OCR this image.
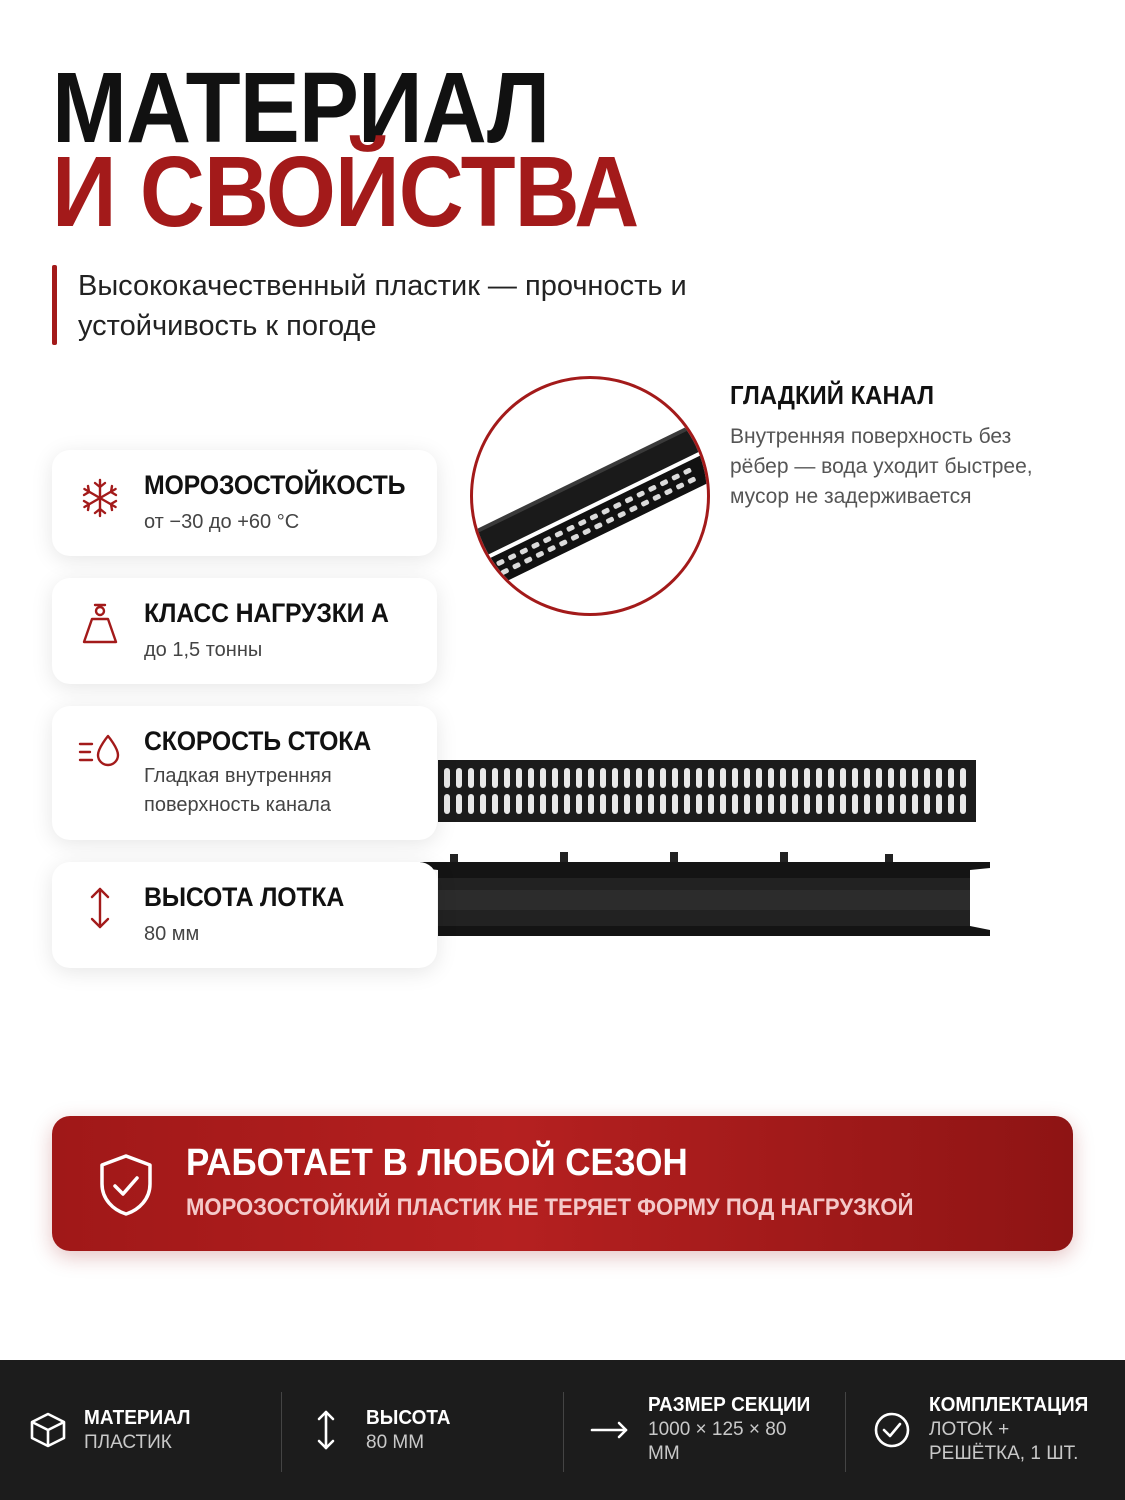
МАТЕРИАЛ
И СВОЙСТВА
Высококачественный пластик — прочность и устойчивость к погоде
МОРОЗОСТОЙКОСТЬ
от −30 до +60 °С
КЛАСС НАГРУЗКИ А
до 1,5 тонны
СКОРОСТЬ СТОКА
Гладкая внутренняя поверхность канала
ВЫСОТА ЛОТКА
80 мм
ГЛАДКИЙ КАНАЛ
Внутренняя поверхность без рёбер — вода уходит быстрее, мусор не задерживается
РАБОТАЕТ В ЛЮБОЙ СЕЗОН
МОРОЗОСТОЙКИЙ ПЛАСТИК НЕ ТЕРЯЕТ ФОРМУ ПОД НАГРУЗКОЙ
МАТЕРИАЛ
ПЛАСТИК
ВЫСОТА
80 ММ
РАЗМЕР СЕКЦИИ
1000 × 125 × 80 ММ
КОМПЛЕКТАЦИЯ
ЛОТОК + РЕШЁТКА, 1 ШТ.
